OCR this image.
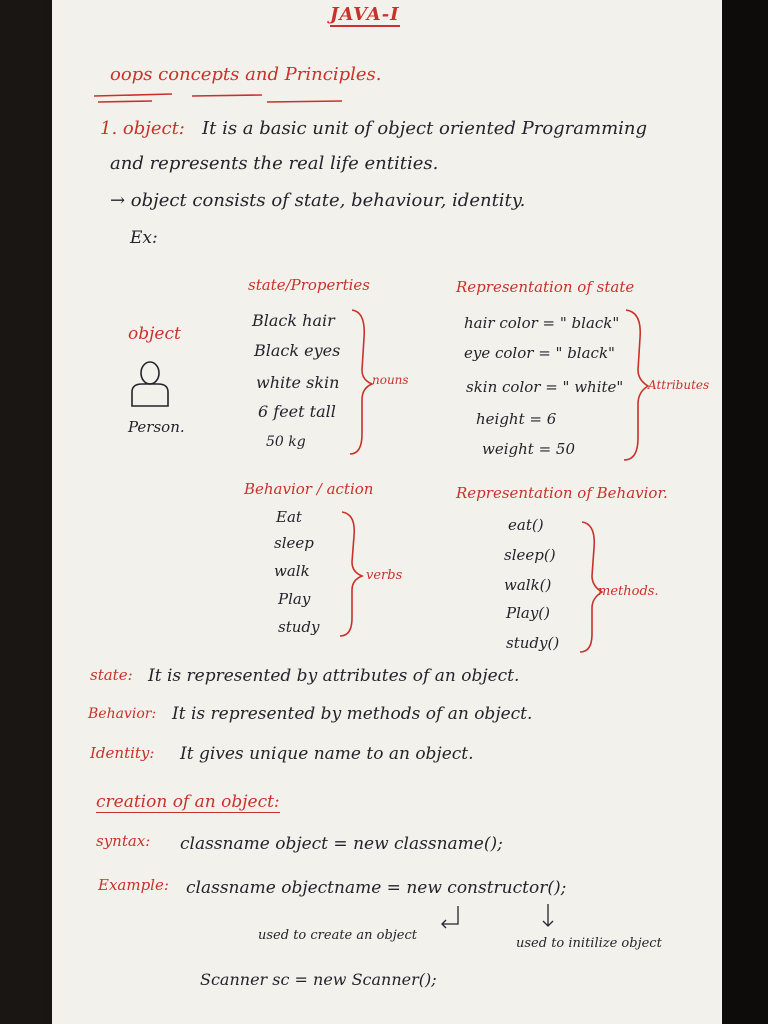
JAVA-I
oops concepts and Principles.
1. object: It is a basic unit of object oriented Programming
and represents the real life entities.
→ object consists of state, behaviour, identity.
Ex:
object
Person.
state/Properties
Black hair
Black eyes
white skin
6 feet tall
50 kg
nouns
Representation of state
hair color = " black"
eye color = " black"
skin color = " white"
height = 6
weight = 50
Attributes
Behavior / action
Eat
sleep
walk
Play
study
verbs
Representation of Behavior.
eat()
sleep()
walk()
Play()
study()
methods.
state: It is represented by attributes of an object.
Behavior: It is represented by methods of an object.
Identity: It gives unique name to an object.
creation of an object:
syntax: classname object = new classname();
Example: classname objectname = new constructor();
used to create an object
used to initilize object
Scanner sc = new Scanner();
